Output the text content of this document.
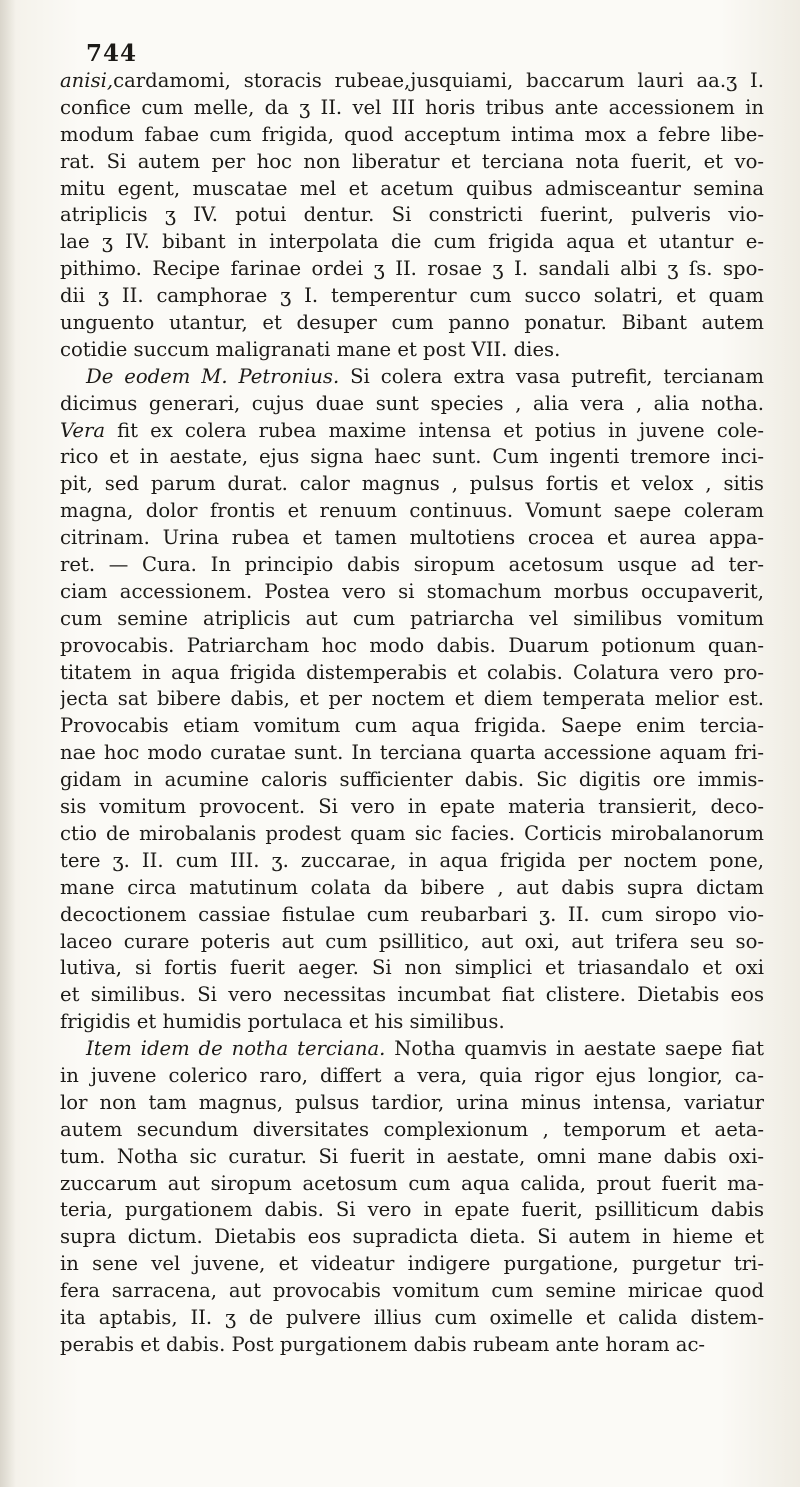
744
anisi,cardamomi, storacis rubeae,jusquiami, baccarum lauri aa.ʒ I.
confice cum melle, da ʒ II. vel III horis tribus ante accessionem in
modum fabae cum frigida, quod acceptum intima mox a febre libe-
rat. Si autem per hoc non liberatur et terciana nota fuerit, et vo-
mitu egent, muscatae mel et acetum quibus admisceantur semina
atriplicis ʒ IV. potui dentur. Si constricti fuerint, pulveris vio-
lae ʒ IV. bibant in interpolata die cum frigida aqua et utantur e-
pithimo. Recipe farinae ordei ʒ II. rosae ʒ I. sandali albi ʒ ſs. spo-
dii ʒ II. camphorae ʒ I. temperentur cum succo solatri, et quam
unguento utantur, et desuper cum panno ponatur. Bibant autem
cotidie succum maligranati mane et post VII. dies.
De eodem M. Petronius. Si colera extra vasa putrefit, tercianam
dicimus generari, cujus duae sunt species , alia vera , alia notha.
Vera fit ex colera rubea maxime intensa et potius in juvene cole-
rico et in aestate, ejus signa haec sunt. Cum ingenti tremore inci-
pit, sed parum durat. calor magnus , pulsus fortis et velox , sitis
magna, dolor frontis et renuum continuus. Vomunt saepe coleram
citrinam. Urina rubea et tamen multotiens crocea et aurea appa-
ret. — Cura. In principio dabis siropum acetosum usque ad ter-
ciam accessionem. Postea vero si stomachum morbus occupaverit,
cum semine atriplicis aut cum patriarcha vel similibus vomitum
provocabis. Patriarcham hoc modo dabis. Duarum potionum quan-
titatem in aqua frigida distemperabis et colabis. Colatura vero pro-
jecta sat bibere dabis, et per noctem et diem temperata melior est.
Provocabis etiam vomitum cum aqua frigida. Saepe enim tercia-
nae hoc modo curatae sunt. In terciana quarta accessione aquam fri-
gidam in acumine caloris sufficienter dabis. Sic digitis ore immis-
sis vomitum provocent. Si vero in epate materia transierit, deco-
ctio de mirobalanis prodest quam sic facies. Corticis mirobalanorum
tere ʒ. II. cum III. ʒ. zuccarae, in aqua frigida per noctem pone,
mane circa matutinum colata da bibere , aut dabis supra dictam
decoctionem cassiae fistulae cum reubarbari ʒ. II. cum siropo vio-
laceo curare poteris aut cum psillitico, aut oxi, aut trifera seu so-
lutiva, si fortis fuerit aeger. Si non simplici et triasandalo et oxi
et similibus. Si vero necessitas incumbat fiat clistere. Dietabis eos
frigidis et humidis portulaca et his similibus.
Item idem de notha terciana. Notha quamvis in aestate saepe fiat
in juvene colerico raro, differt a vera, quia rigor ejus longior, ca-
lor non tam magnus, pulsus tardior, urina minus intensa, variatur
autem secundum diversitates complexionum , temporum et aeta-
tum. Notha sic curatur. Si fuerit in aestate, omni mane dabis oxi-
zuccarum aut siropum acetosum cum aqua calida, prout fuerit ma-
teria, purgationem dabis. Si vero in epate fuerit, psilliticum dabis
supra dictum. Dietabis eos supradicta dieta. Si autem in hieme et
in sene vel juvene, et videatur indigere purgatione, purgetur tri-
fera sarracena, aut provocabis vomitum cum semine miricae quod
ita aptabis, II. ʒ de pulvere illius cum oximelle et calida distem-
perabis et dabis. Post purgationem dabis rubeam ante horam ac-
